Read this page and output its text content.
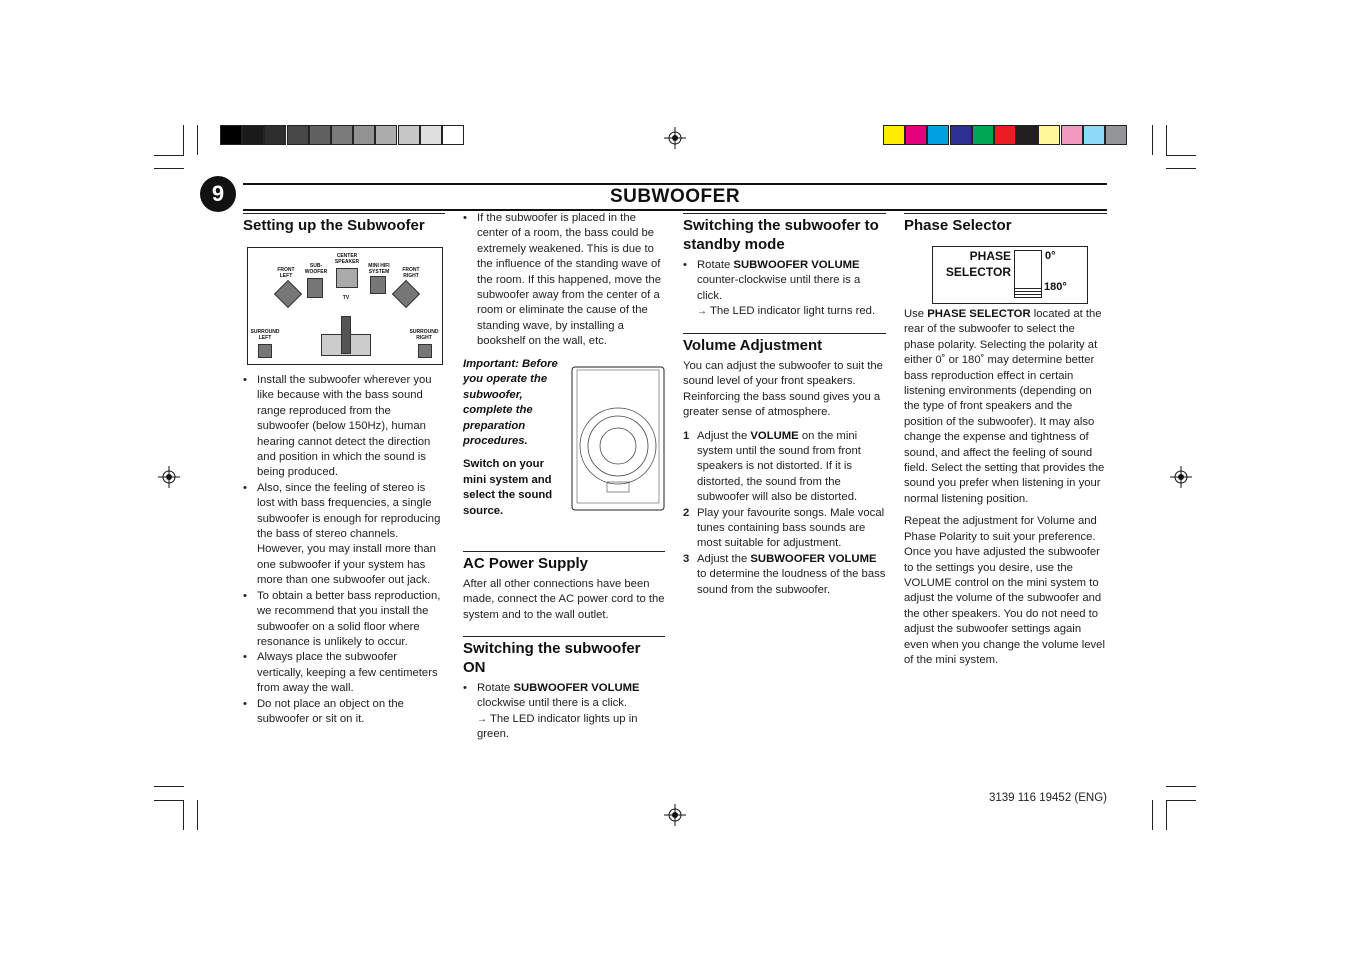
9	SUBWOOFER
Setting up the Subwoofer
FRONT LEFT
SUB-WOOFER
CENTER SPEAKER
MINI HIFI SYSTEM	FRONT RIGHT
TV
SURROUND LEFT
SURROUND RIGHT
• Install the subwoofer wherever you like because with the bass sound range reproduced from the subwoofer (below 150Hz), human hearing cannot detect the direction and position in which the sound is being produced.
• Also, since the feeling of stereo is lost with bass frequencies, a single subwoofer is enough for reproducing the bass of stereo channels. However, you may install more than one subwoofer if your system has more than one subwoofer out jack.
• To obtain a better bass reproduction, we recommend that you install the subwoofer on a solid floor where resonance is unlikely to occur.
• Always place the subwoofer vertically, keeping a few centimeters from away the wall.
• Do not place an object on the subwoofer or sit on it.
• If the subwoofer is placed in the center of a room, the bass could be extremely weakened. This is due to the influence of the standing wave of the room. If this happened, move the subwoofer away from the center of a room or eliminate the cause of the standing wave, by installing a bookshelf on the wall, etc.

Important: Before you operate the subwoofer, complete the preparation procedures.

Switch on your mini system and select the sound source.

AC Power Supply

After all other connections have been made, connect the AC power cord to the system and to the wall outlet.

Switching the subwoofer ON
• Rotate SUBWOOFER VOLUME clockwise until there is a click.
→ The LED indicator lights up in green.
Switching the subwoofer to standby mode
• Rotate SUBWOOFER VOLUME counter-clockwise until there is a click.
→ The LED indicator light turns red.
Volume Adjustment

You can adjust the subwoofer to suit the sound level of your front speakers. Reinforcing the bass sound gives you a greater sense of atmosphere.

1 Adjust the VOLUME on the mini system until the sound from front speakers is not distorted. If it is distorted, the sound from the subwoofer will also be distorted.
2 Play your favourite songs. Male vocal tunes containing bass sounds are most suitable for adjustment.
3 Adjust the SUBWOOFER VOLUME to determine the loudness of the bass sound from the subwoofer.
Phase Selector
PHASE SELECTOR
0°
180°

Use PHASE SELECTOR located at the rear of the subwoofer to select the phase polarity. Selecting the polarity at either 0˚ or 180˚ may determine better bass reproduction effect in certain listening environments (depending on the type of front speakers and the position of the subwoofer). It may also change the expense and tightness of sound, and affect the feeling of sound field. Select the setting that provides the sound you prefer when listening in your normal listening position.

Repeat the adjustment for Volume and Phase Polarity to suit your preference. Once you have adjusted the subwoofer to the settings you desire, use the VOLUME control on the mini system to adjust the volume of the subwoofer and the other speakers. You do not need to adjust the subwoofer settings again even when you change the volume level of the mini system.

3139 116 19452 (ENG)
